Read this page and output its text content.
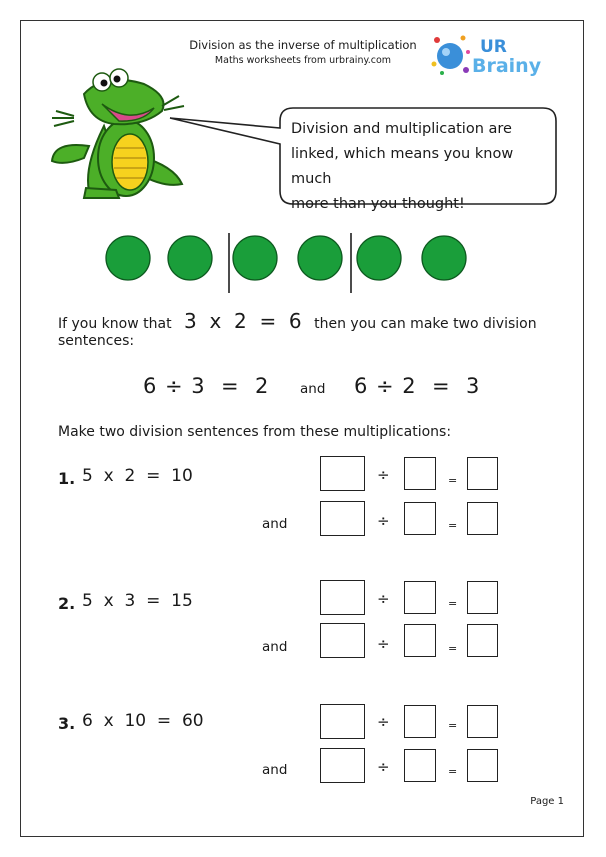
Division as the inverse of multiplication
Maths worksheets from urbrainy.com
UR
Brainy
Division and multiplication are
linked, which means you know much
more than you thought!
If you know that 3  x  2  =  6 then you can make two division
sentences:
6 ÷ 3  =  2 and 6 ÷ 2  =  3
Make two division sentences from these multiplications:
1. 5  x  2  =  10	÷	=
and	÷	=
2. 5  x  3  =  15	÷	=
and	÷	=
3. 6  x  10  =  60	÷	=
and	÷	=
Page 1
